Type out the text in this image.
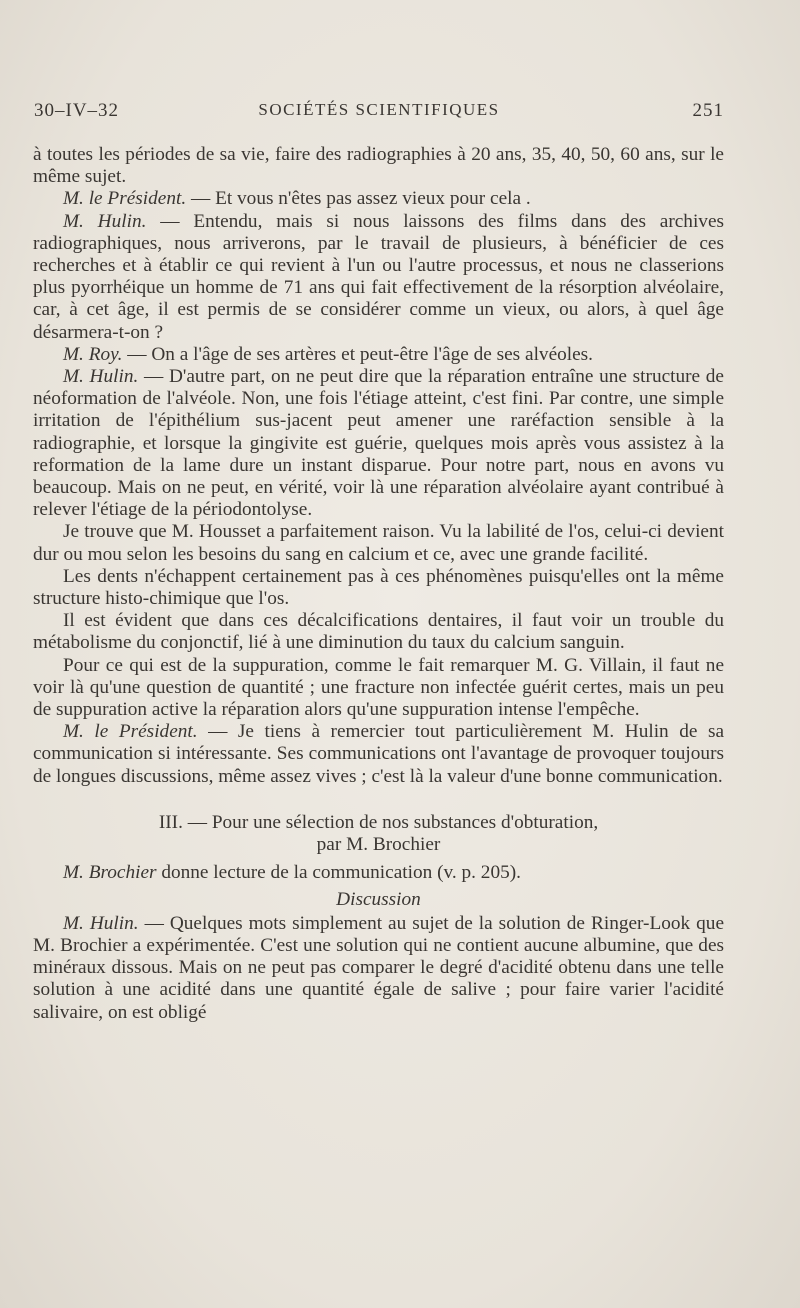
30–IV–32	SOCIÉTÉS SCIENTIFIQUES	251

à toutes les périodes de sa vie, faire des radiographies à 20 ans, 35, 40, 50, 60 ans, sur le même sujet.

M. le Président. — Et vous n'êtes pas assez vieux pour cela .

M. Hulin. — Entendu, mais si nous laissons des films dans des archives radiographiques, nous arriverons, par le travail de plusieurs, à bénéficier de ces recherches et à établir ce qui revient à l'un ou l'autre processus, et nous ne classerions plus pyorrhéique un homme de 71 ans qui fait effectivement de la résorption alvéolaire, car, à cet âge, il est permis de se considérer comme un vieux, ou alors, à quel âge désarmera-t-on ?

M. Roy. — On a l'âge de ses artères et peut-être l'âge de ses alvéoles.

M. Hulin. — D'autre part, on ne peut dire que la réparation entraîne une structure de néoformation de l'alvéole. Non, une fois l'étiage atteint, c'est fini. Par contre, une simple irritation de l'épithélium sus-jacent peut amener une raréfaction sensible à la radiographie, et lorsque la gingivite est guérie, quelques mois après vous assistez à la reformation de la lame dure un instant disparue. Pour notre part, nous en avons vu beaucoup. Mais on ne peut, en vérité, voir là une réparation alvéolaire ayant contribué à relever l'étiage de la périodontolyse.

Je trouve que M. Housset a parfaitement raison. Vu la labilité de l'os, celui-ci devient dur ou mou selon les besoins du sang en calcium et ce, avec une grande facilité.

Les dents n'échappent certainement pas à ces phénomènes puisqu'elles ont la même structure histo-chimique que l'os.

Il est évident que dans ces décalcifications dentaires, il faut voir un trouble du métabolisme du conjonctif, lié à une diminution du taux du calcium sanguin.

Pour ce qui est de la suppuration, comme le fait remarquer M. G. Villain, il faut ne voir là qu'une question de quantité ; une fracture non infectée guérit certes, mais un peu de suppuration active la réparation alors qu'une suppuration intense l'empêche.

M. le Président. — Je tiens à remercier tout particulièrement M. Hulin de sa communication si intéressante. Ses communications ont l'avantage de provoquer toujours de longues discussions, même assez vives ; c'est là la valeur d'une bonne communication.

III. — Pour une sélection de nos substances d'obturation,
par M. Brochier

M. Brochier donne lecture de la communication (v. p. 205).

Discussion

M. Hulin. — Quelques mots simplement au sujet de la solution de Ringer-Look que M. Brochier a expérimentée. C'est une solution qui ne contient aucune albumine, que des minéraux dissous. Mais on ne peut pas comparer le degré d'acidité obtenu dans une telle solution à une acidité dans une quantité égale de salive ; pour faire varier l'acidité salivaire, on est obligé
